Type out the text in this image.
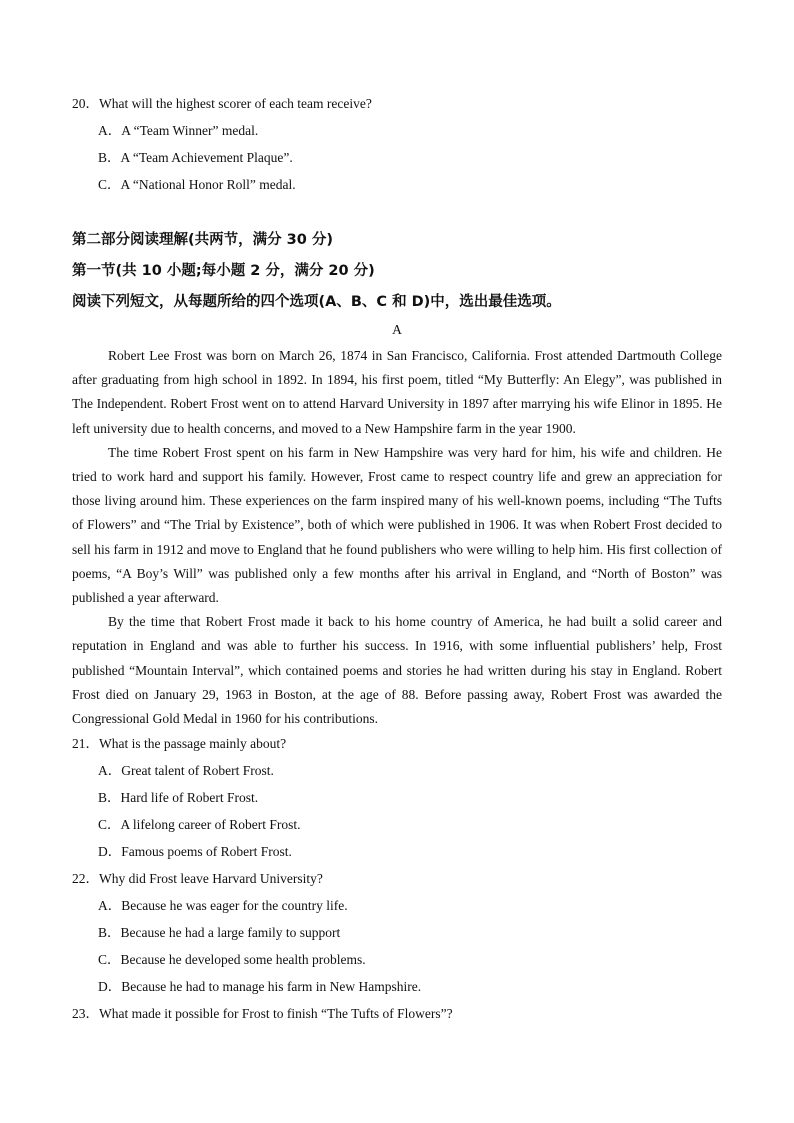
20．What will the highest scorer of each team receive?

A．A “Team Winner” medal.

B．A “Team Achievement Plaque”.

C．A “National Honor Roll” medal.

第二部分阅读理解(共两节，满分 30 分)

第一节(共 10 小题;每小题 2 分，满分 20 分)

阅读下列短文，从每题所给的四个选项(A、B、C 和 D)中，选出最佳选项。

A

Robert Lee Frost was born on March 26, 1874 in San Francisco, California. Frost attended Dartmouth College after graduating from high school in 1892. In 1894, his first poem, titled “My Butterfly: An Elegy”, was published in The Independent. Robert Frost went on to attend Harvard University in 1897 after marrying his wife Elinor in 1895. He left university due to health concerns, and moved to a New Hampshire farm in the year 1900.

The time Robert Frost spent on his farm in New Hampshire was very hard for him, his wife and children. He tried to work hard and support his family. However, Frost came to respect country life and grew an appreciation for those living around him. These experiences on the farm inspired many of his well-known poems, including “The Tufts of Flowers” and “The Trial by Existence”, both of which were published in 1906. It was when Robert Frost decided to sell his farm in 1912 and move to England that he found publishers who were willing to help him. His first collection of poems, “A Boy’s Will” was published only a few months after his arrival in England, and “North of Boston” was published a year afterward.

By the time that Robert Frost made it back to his home country of America, he had built a solid career and reputation in England and was able to further his success. In 1916, with some influential publishers’ help, Frost published “Mountain Interval”, which contained poems and stories he had written during his stay in England. Robert Frost died on January 29, 1963 in Boston, at the age of 88. Before passing away, Robert Frost was awarded the Congressional Gold Medal in 1960 for his contributions.

21．What is the passage mainly about?

A．Great talent of Robert Frost.

B．Hard life of Robert Frost.

C．A lifelong career of Robert Frost.

D．Famous poems of Robert Frost.

22．Why did Frost leave Harvard University?

A．Because he was eager for the country life.

B．Because he had a large family to support

C．Because he developed some health problems.

D．Because he had to manage his farm in New Hampshire.

23．What made it possible for Frost to finish “The Tufts of Flowers”?
